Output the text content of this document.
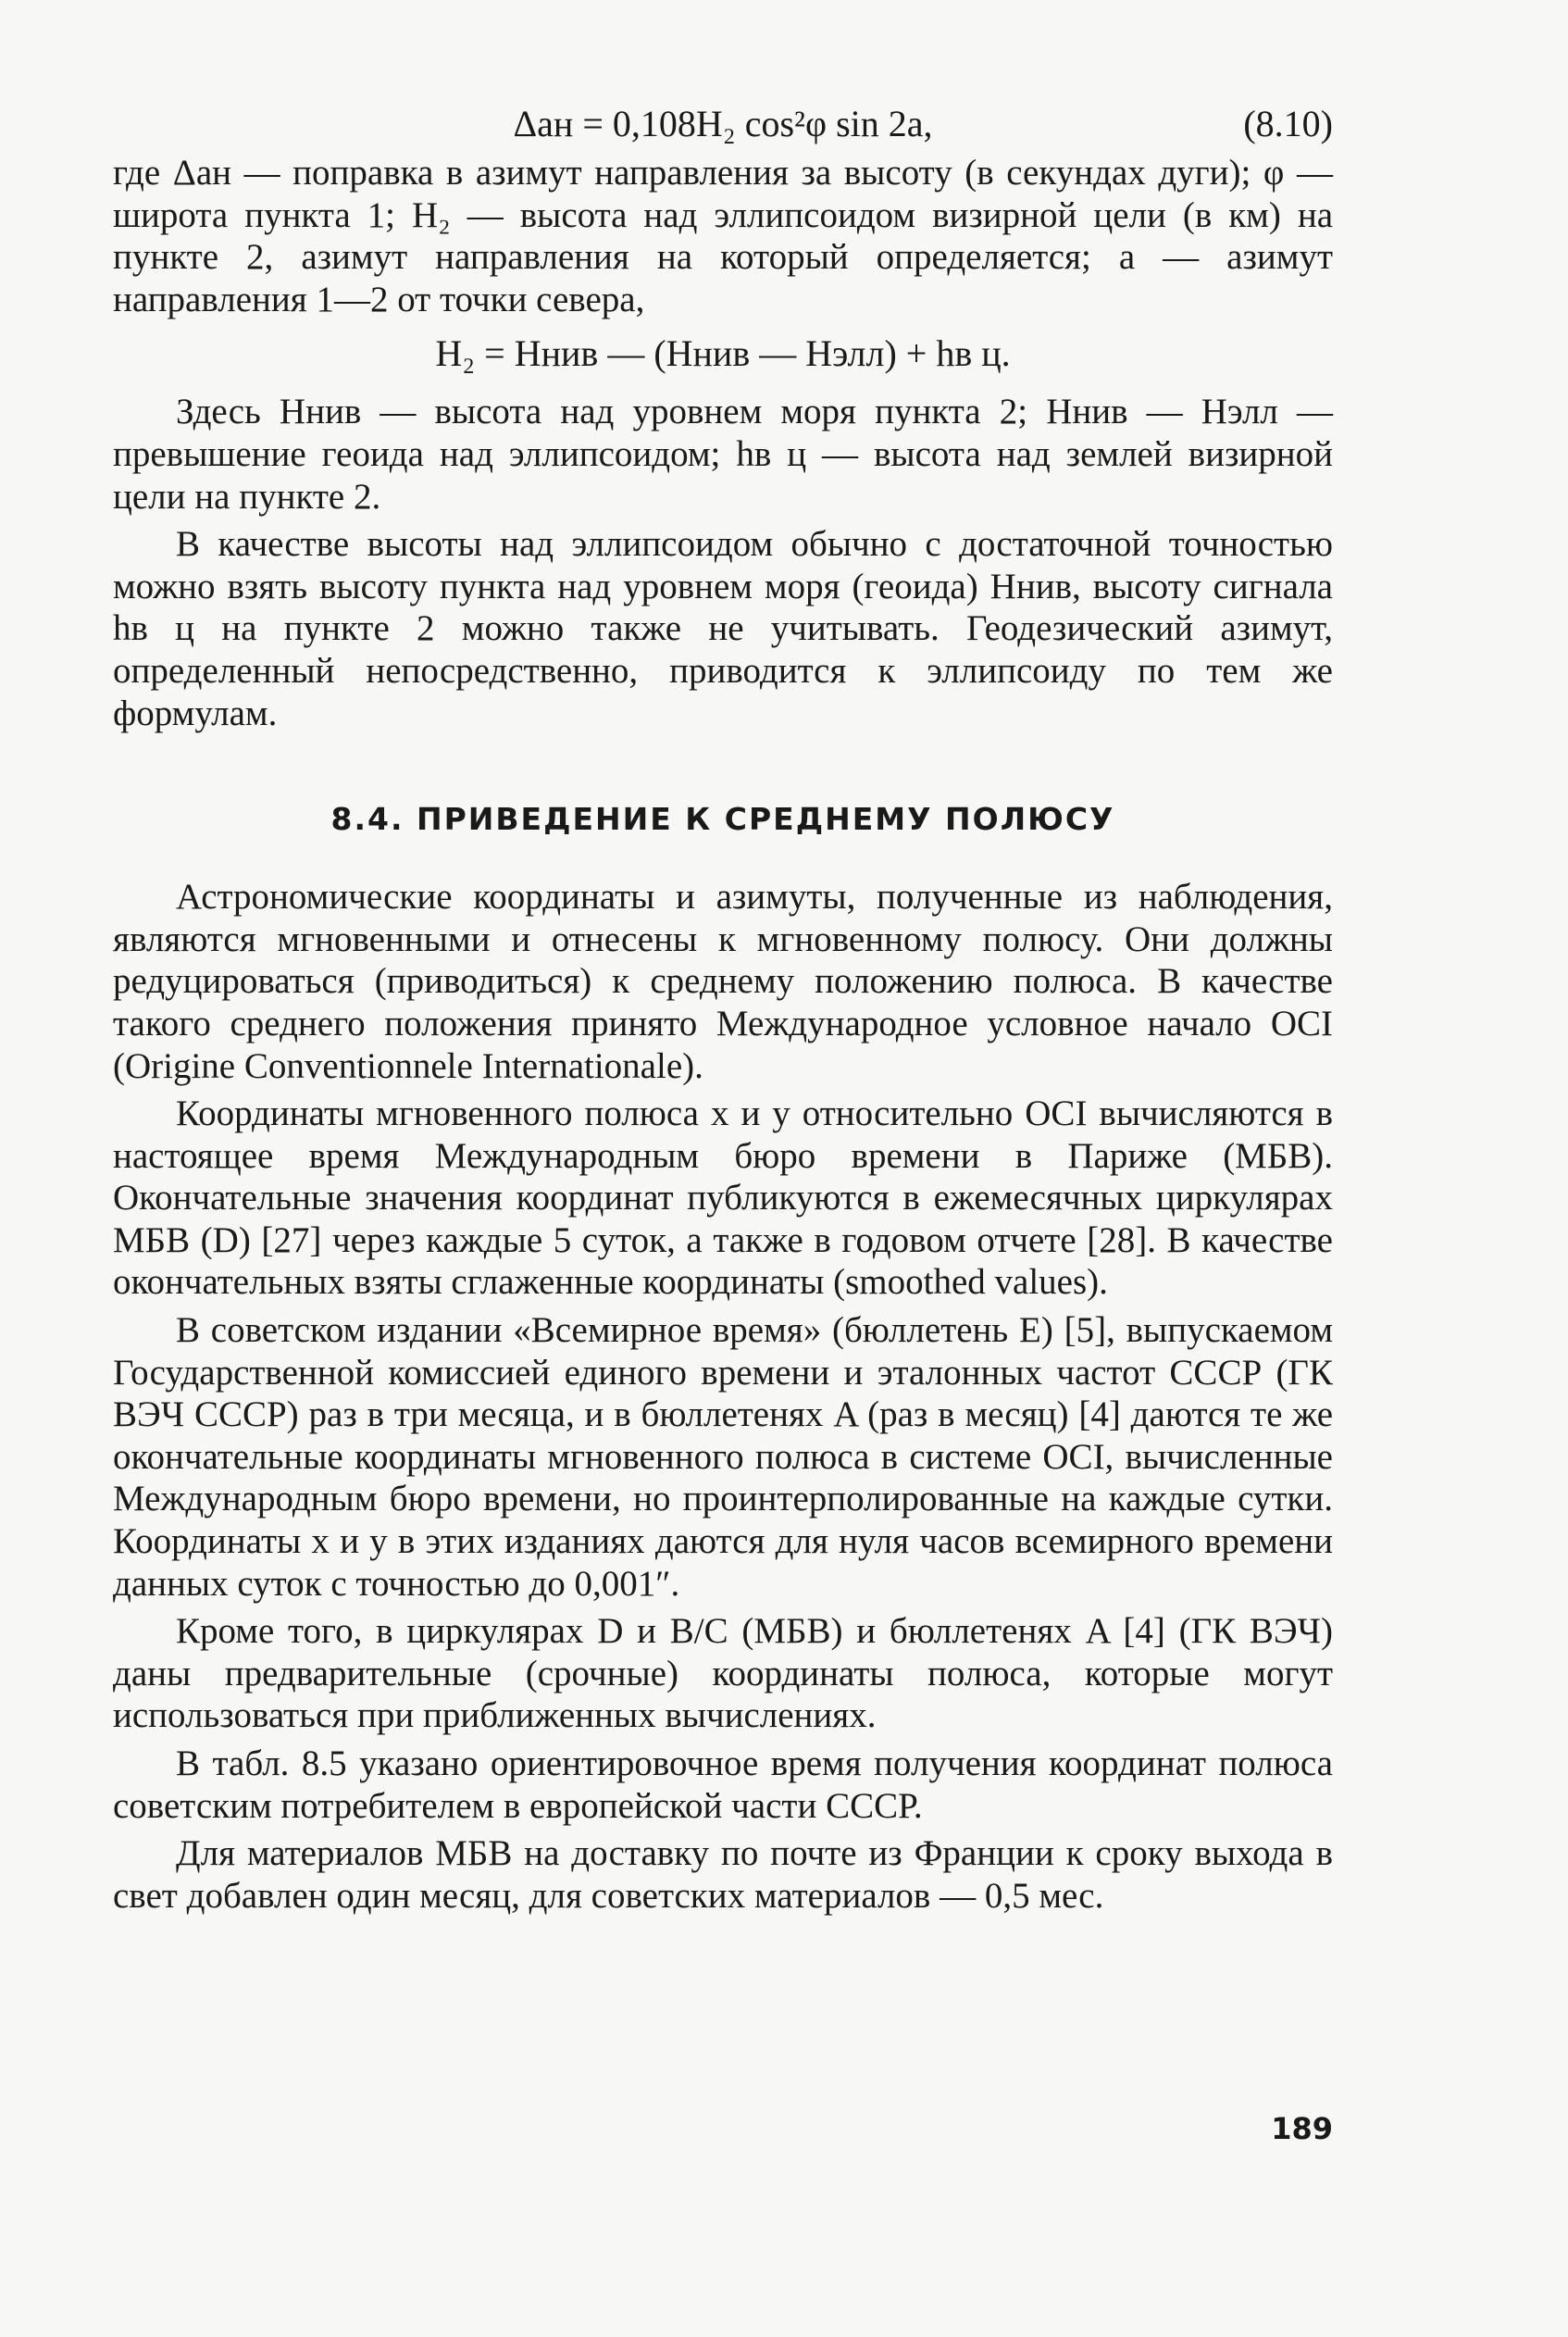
Δaн = 0,108H₂ cos²φ sin 2a,	(8.10)

где Δaн — поправка в азимут направления за высоту (в секундах дуги); φ — широта пункта 1; H₂ — высота над эллипсоидом визирной цели (в км) на пункте 2, азимут направления на который определяется; a — азимут направления 1—2 от точки севера,

H₂ = Hнив — (Hнив — Hэлл) + hв ц.

Здесь Hнив — высота над уровнем моря пункта 2; Hнив — Hэлл — превышение геоида над эллипсоидом; hв ц — высота над землей визирной цели на пункте 2.

В качестве высоты над эллипсоидом обычно с достаточной точностью можно взять высоту пункта над уровнем моря (геоида) Hнив, высоту сигнала hв ц на пункте 2 можно также не учитывать. Геодезический азимут, определенный непосредственно, приводится к эллипсоиду по тем же формулам.

8.4. ПРИВЕДЕНИЕ К СРЕДНЕМУ ПОЛЮСУ

Астрономические координаты и азимуты, полученные из наблюдения, являются мгновенными и отнесены к мгновенному полюсу. Они должны редуцироваться (приводиться) к среднему положению полюса. В качестве такого среднего положения принято Международное условное начало OCI (Origine Conventionnele Internationale).

Координаты мгновенного полюса x и y относительно OCI вычисляются в настоящее время Международным бюро времени в Париже (МБВ). Окончательные значения координат публикуются в ежемесячных циркулярах МБВ (D) [27] через каждые 5 суток, а также в годовом отчете [28]. В качестве окончательных взяты сглаженные координаты (smoothed values).

В советском издании «Всемирное время» (бюллетень E) [5], выпускаемом Государственной комиссией единого времени и эталонных частот СССР (ГК ВЭЧ СССР) раз в три месяца, и в бюллетенях A (раз в месяц) [4] даются те же окончательные координаты мгновенного полюса в системе OCI, вычисленные Международным бюро времени, но проинтерполированные на каждые сутки. Координаты x и y в этих изданиях даются для нуля часов всемирного времени данных суток с точностью до 0,001″.

Кроме того, в циркулярах D и B/C (МБВ) и бюллетенях A [4] (ГК ВЭЧ) даны предварительные (срочные) координаты полюса, которые могут использоваться при приближенных вычислениях.

В табл. 8.5 указано ориентировочное время получения координат полюса советским потребителем в европейской части СССР.

Для материалов МБВ на доставку по почте из Франции к сроку выхода в свет добавлен один месяц, для советских материалов — 0,5 мес.

189
